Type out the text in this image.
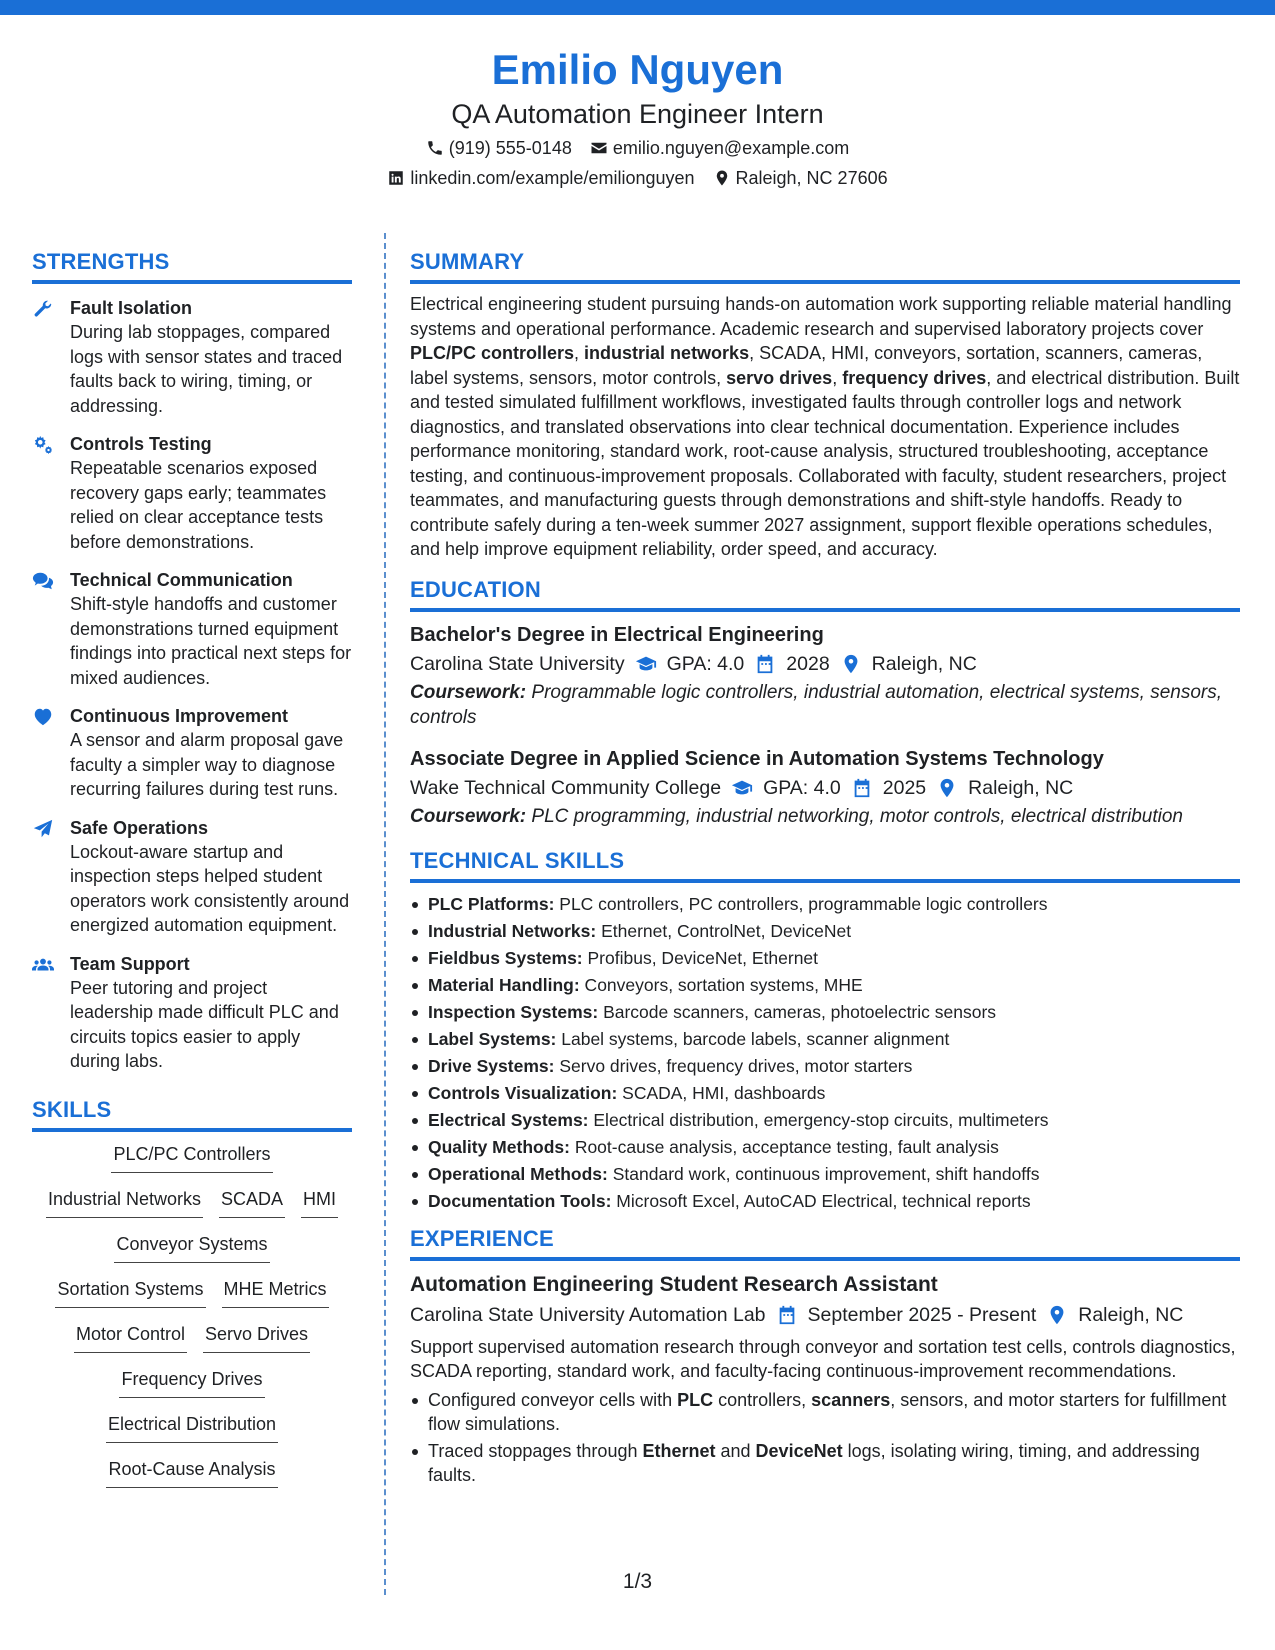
Emilio Nguyen
QA Automation Engineer Intern
(919) 555-0148 emilio.nguyen@example.com
linkedin.com/example/emilionguyen Raleigh, NC 27606
STRENGTHS
Fault Isolation
During lab stoppages, compared logs with sensor states and traced faults back to wiring, timing, or addressing.
Controls Testing
Repeatable scenarios exposed recovery gaps early; teammates relied on clear acceptance tests before demonstrations.
Technical Communication
Shift-style handoffs and customer demonstrations turned equipment findings into practical next steps for mixed audiences.
Continuous Improvement
A sensor and alarm proposal gave faculty a simpler way to diagnose recurring failures during test runs.
Safe Operations
Lockout-aware startup and inspection steps helped student operators work consistently around energized automation equipment.
Team Support
Peer tutoring and project leadership made difficult PLC and circuits topics easier to apply during labs.
SKILLS
PLC/PC Controllers
Industrial Networks SCADA HMI
Conveyor Systems
Sortation Systems MHE Metrics
Motor Control Servo Drives
Frequency Drives
Electrical Distribution
Root-Cause Analysis
SUMMARY
Electrical engineering student pursuing hands-on automation work supporting reliable material handling systems and operational performance. Academic research and supervised laboratory projects cover PLC/PC controllers, industrial networks, SCADA, HMI, conveyors, sortation, scanners, cameras, label systems, sensors, motor controls, servo drives, frequency drives, and electrical distribution. Built and tested simulated fulfillment workflows, investigated faults through controller logs and network diagnostics, and translated observations into clear technical documentation. Experience includes performance monitoring, standard work, root-cause analysis, structured troubleshooting, acceptance testing, and continuous-improvement proposals. Collaborated with faculty, student researchers, project teammates, and manufacturing guests through demonstrations and shift-style handoffs. Ready to contribute safely during a ten-week summer 2027 assignment, support flexible operations schedules, and help improve equipment reliability, order speed, and accuracy.
EDUCATION
Bachelor's Degree in Electrical Engineering
Carolina State University GPA: 4.0 2028 Raleigh, NC
Coursework: Programmable logic controllers, industrial automation, electrical systems, sensors, controls
Associate Degree in Applied Science in Automation Systems Technology
Wake Technical Community College GPA: 4.0 2025 Raleigh, NC
Coursework: PLC programming, industrial networking, motor controls, electrical distribution
TECHNICAL SKILLS
PLC Platforms: PLC controllers, PC controllers, programmable logic controllers
Industrial Networks: Ethernet, ControlNet, DeviceNet
Fieldbus Systems: Profibus, DeviceNet, Ethernet
Material Handling: Conveyors, sortation systems, MHE
Inspection Systems: Barcode scanners, cameras, photoelectric sensors
Label Systems: Label systems, barcode labels, scanner alignment
Drive Systems: Servo drives, frequency drives, motor starters
Controls Visualization: SCADA, HMI, dashboards
Electrical Systems: Electrical distribution, emergency-stop circuits, multimeters
Quality Methods: Root-cause analysis, acceptance testing, fault analysis
Operational Methods: Standard work, continuous improvement, shift handoffs
Documentation Tools: Microsoft Excel, AutoCAD Electrical, technical reports
EXPERIENCE
Automation Engineering Student Research Assistant
Carolina State University Automation Lab September 2025 - Present Raleigh, NC
Support supervised automation research through conveyor and sortation test cells, controls diagnostics, SCADA reporting, standard work, and faculty-facing continuous-improvement recommendations.
Configured conveyor cells with PLC controllers, scanners, sensors, and motor starters for fulfillment flow simulations.
Traced stoppages through Ethernet and DeviceNet logs, isolating wiring, timing, and addressing faults.
1/3
